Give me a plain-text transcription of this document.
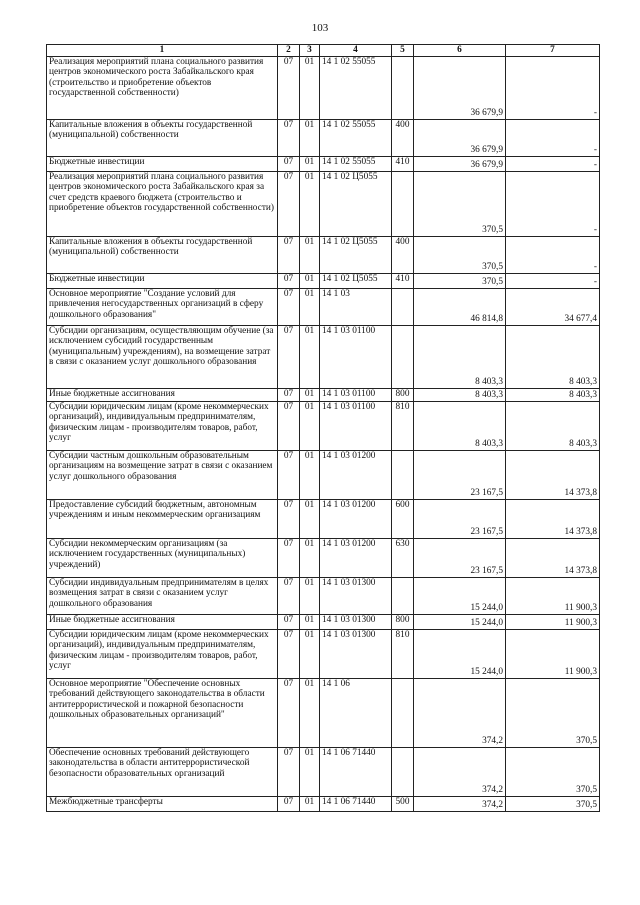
103
1	2	3	4	5	6	7
Реализация мероприятий плана социального развития центров экономического роста Забайкальского края (строительство и приобретение объектов государственной собственности)	07	01	14 1 02 55055		36 679,9	-
Капитальные вложения в объекты государственной (муниципальной) собственности	07	01	14 1 02 55055	400	36 679,9	-
Бюджетные инвестиции	07	01	14 1 02 55055	410	36 679,9	-
Реализация мероприятий плана социального развития центров экономического роста Забайкальского края за счет средств краевого бюджета (строительство и приобретение объектов государственной собственности)	07	01	14 1 02 Ц5055		370,5	-
Капитальные вложения в объекты государственной (муниципальной) собственности	07	01	14 1 02 Ц5055	400	370,5	-
Бюджетные инвестиции	07	01	14 1 02 Ц5055	410	370,5	-
Основное мероприятие "Создание условий для привлечения негосударственных организаций в сферу дошкольного образования"	07	01	14 1 03		46 814,8	34 677,4
Субсидии организациям, осуществляющим обучение (за исключением субсидий государственным (муниципальным) учреждениям), на возмещение затрат в связи с оказанием услуг дошкольного образования	07	01	14 1 03 01100		8 403,3	8 403,3
Иные бюджетные ассигнования	07	01	14 1 03 01100	800	8 403,3	8 403,3
Субсидии юридическим лицам (кроме некоммерческих организаций), индивидуальным предпринимателям, физическим лицам - производителям товаров, работ, услуг	07	01	14 1 03 01100	810	8 403,3	8 403,3
Субсидии частным дошкольным образовательным организациям на возмещение затрат в связи с оказанием услуг дошкольного образования	07	01	14 1 03 01200		23 167,5	14 373,8
Предоставление субсидий бюджетным, автономным учреждениям и иным некоммерческим организациям	07	01	14 1 03 01200	600	23 167,5	14 373,8
Субсидии некоммерческим организациям (за исключением государственных (муниципальных) учреждений)	07	01	14 1 03 01200	630	23 167,5	14 373,8
Субсидии индивидуальным предпринимателям в целях возмещения затрат в связи с оказанием услуг дошкольного образования	07	01	14 1 03 01300		15 244,0	11 900,3
Иные бюджетные ассигнования	07	01	14 1 03 01300	800	15 244,0	11 900,3
Субсидии юридическим лицам (кроме некоммерческих организаций), индивидуальным предпринимателям, физическим лицам - производителям товаров, работ, услуг	07	01	14 1 03 01300	810	15 244,0	11 900,3
Основное мероприятие "Обеспечение основных требований действующего законодательства в области антитеррористической и пожарной безопасности дошкольных образовательных организаций"	07	01	14 1 06		374,2	370,5
Обеспечение основных требований действующего законодательства в области антитеррористической безопасности образовательных организаций	07	01	14 1 06 71440		374,2	370,5
Межбюджетные трансферты	07	01	14 1 06 71440	500	374,2	370,5
